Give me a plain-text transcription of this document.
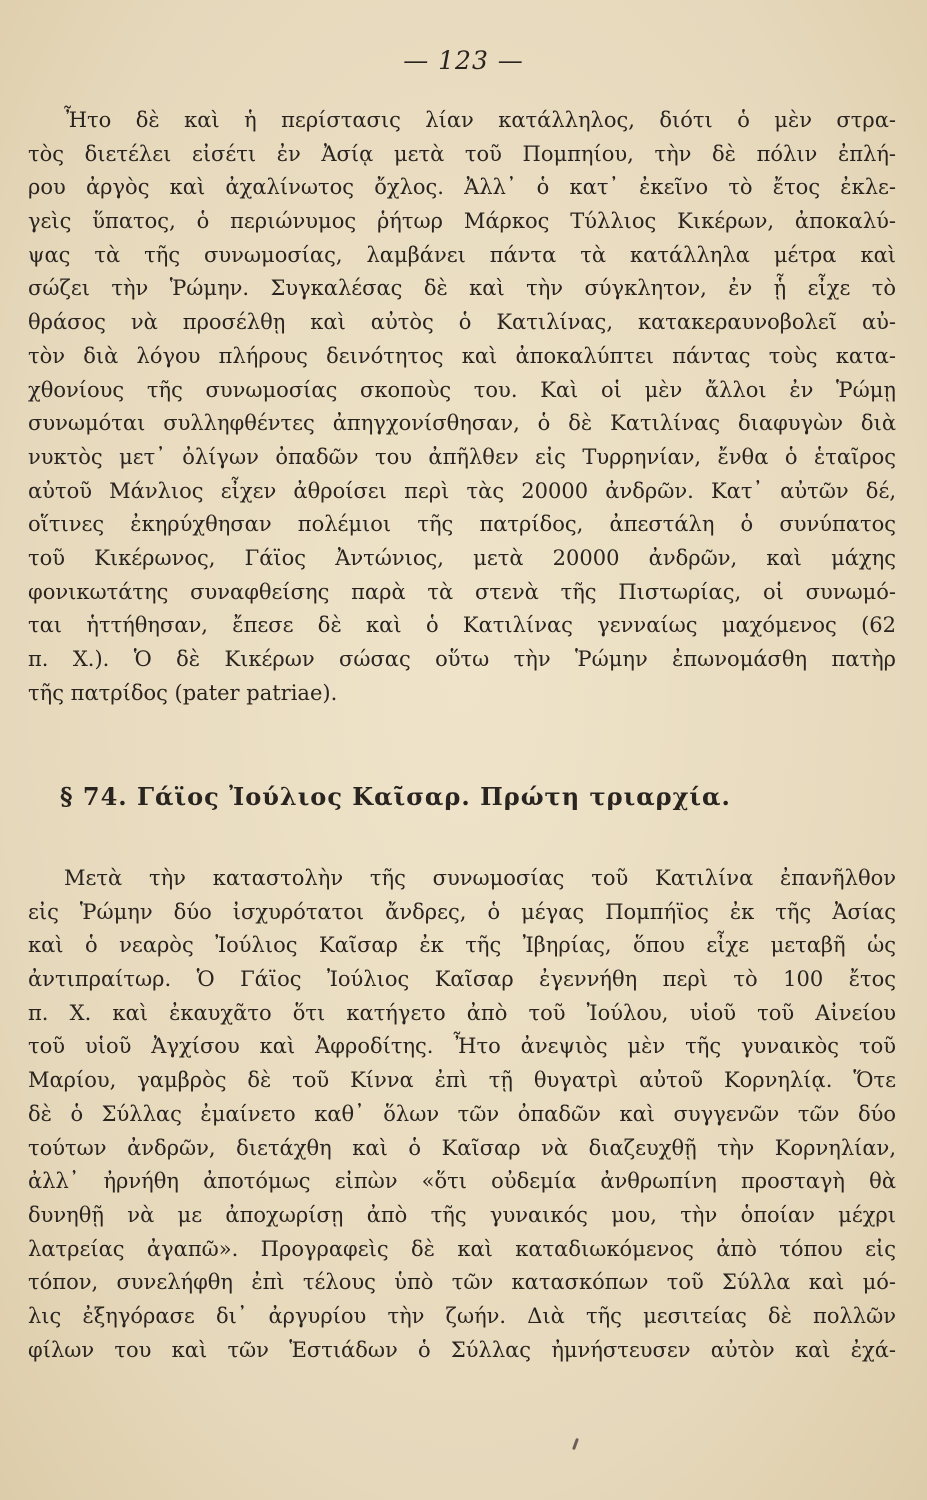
— 123 —
Ἦτο δὲ καὶ ἡ περίστασις λίαν κατάλληλος, διότι ὁ μὲν στρα-
τὸς διετέλει εἰσέτι ἐν Ἀσίᾳ μετὰ τοῦ Πομπηίου, τὴν δὲ πόλιν ἐπλή-
ρου ἀργὸς καὶ ἀχαλίνωτος ὄχλος. Ἀλλ᾽ ὁ κατ᾽ ἐκεῖνο τὸ ἔτος ἐκλε-
γεὶς ὕπατος, ὁ περιώνυμος ῥήτωρ Μάρκος Τύλλιος Κικέρων, ἀποκαλύ-
ψας τὰ τῆς συνωμοσίας, λαμβάνει πάντα τὰ κατάλληλα μέτρα καὶ
σώζει τὴν Ῥώμην. Συγκαλέσας δὲ καὶ τὴν σύγκλητον, ἐν ᾗ εἶχε τὸ
θράσος νὰ προσέλθῃ καὶ αὐτὸς ὁ Κατιλίνας, κατακεραυνοβολεῖ αὐ-
τὸν διὰ λόγου πλήρους δεινότητος καὶ ἀποκαλύπτει πάντας τοὺς κατα-
χθονίους τῆς συνωμοσίας σκοποὺς του. Καὶ οἱ μὲν ἄλλοι ἐν Ῥώμῃ
συνωμόται συλληφθέντες ἀπηγχονίσθησαν, ὁ δὲ Κατιλίνας διαφυγὼν διὰ
νυκτὸς μετ᾽ ὀλίγων ὀπαδῶν του ἀπῆλθεν εἰς Τυρρηνίαν, ἔνθα ὁ ἑταῖρος
αὐτοῦ Μάνλιος εἶχεν ἀθροίσει περὶ τὰς 20000 ἀνδρῶν. Κατ᾽ αὐτῶν δέ,
οἵτινες ἐκηρύχθησαν πολέμιοι τῆς πατρίδος, ἀπεστάλη ὁ συνύπατος
τοῦ Κικέρωνος, Γάϊος Ἀντώνιος, μετὰ 20000 ἀνδρῶν, καὶ μάχης
φονικωτάτης συναφθείσης παρὰ τὰ στενὰ τῆς Πιστωρίας, οἱ συνωμό-
ται ἡττήθησαν, ἔπεσε δὲ καὶ ὁ Κατιλίνας γενναίως μαχόμενος (62
π. Χ.). Ὁ δὲ Κικέρων σώσας οὕτω τὴν Ῥώμην ἐπωνομάσθη πατὴρ
τῆς πατρίδος (pater patriae).
§ 74. Γάϊος Ἰούλιος Καῖσαρ. Πρώτη τριαρχία.
Μετὰ τὴν καταστολὴν τῆς συνωμοσίας τοῦ Κατιλίνα ἐπανῆλθον
εἰς Ῥώμην δύο ἰσχυρότατοι ἄνδρες, ὁ μέγας Πομπήϊος ἐκ τῆς Ἀσίας
καὶ ὁ νεαρὸς Ἰούλιος Καῖσαρ ἐκ τῆς Ἰβηρίας, ὅπου εἶχε μεταβῆ ὡς
ἀντιπραίτωρ. Ὁ Γάϊος Ἰούλιος Καῖσαρ ἐγεννήθη περὶ τὸ 100 ἔτος
π. Χ. καὶ ἐκαυχᾶτο ὅτι κατήγετο ἀπὸ τοῦ Ἰούλου, υἱοῦ τοῦ Αἰνείου
τοῦ υἱοῦ Ἀγχίσου καὶ Ἀφροδίτης. Ἦτο ἀνεψιὸς μὲν τῆς γυναικὸς τοῦ
Μαρίου, γαμβρὸς δὲ τοῦ Κίννα ἐπὶ τῇ θυγατρὶ αὐτοῦ Κορνηλίᾳ. Ὅτε
δὲ ὁ Σύλλας ἐμαίνετο καθ᾽ ὅλων τῶν ὀπαδῶν καὶ συγγενῶν τῶν δύο
τούτων ἀνδρῶν, διετάχθη καὶ ὁ Καῖσαρ νὰ διαζευχθῇ τὴν Κορνηλίαν,
ἀλλ᾽ ἠρνήθη ἀποτόμως εἰπὼν «ὅτι οὐδεμία ἀνθρωπίνη προσταγὴ θὰ
δυνηθῇ νὰ με ἀποχωρίσῃ ἀπὸ τῆς γυναικός μου, τὴν ὁποίαν μέχρι
λατρείας ἀγαπῶ». Προγραφεὶς δὲ καὶ καταδιωκόμενος ἀπὸ τόπου εἰς
τόπον, συνελήφθη ἐπὶ τέλους ὑπὸ τῶν κατασκόπων τοῦ Σύλλα καὶ μό-
λις ἐξηγόρασε δι᾽ ἀργυρίου τὴν ζωήν. Διὰ τῆς μεσιτείας δὲ πολλῶν
φίλων του καὶ τῶν Ἑστιάδων ὁ Σύλλας ἠμνήστευσεν αὐτὸν καὶ ἐχά-
